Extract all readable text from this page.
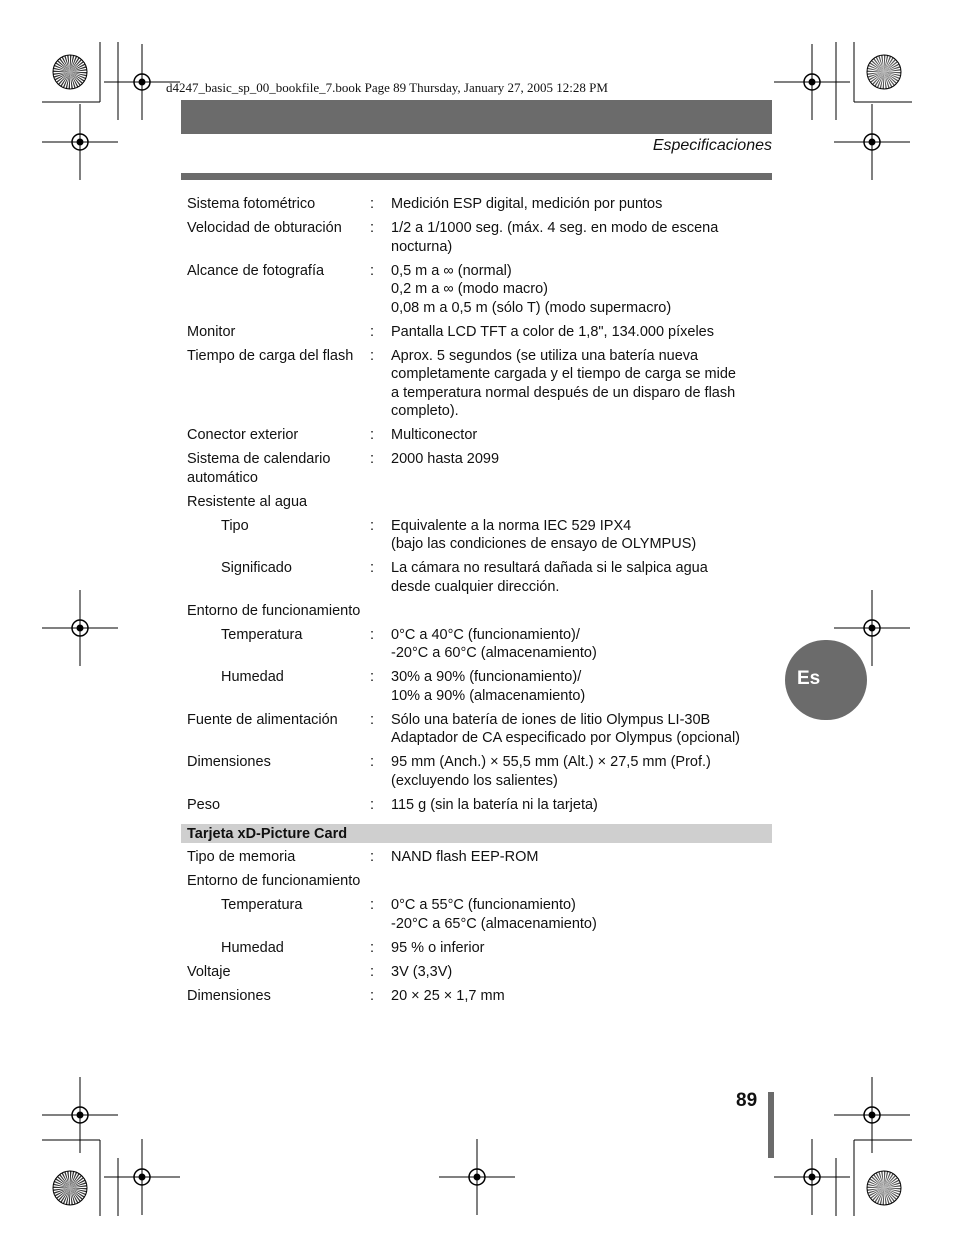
d4247_basic_sp_00_bookfile_7.book Page 89 Thursday, January 27, 2005 12:28 PM
Especificaciones
Sistema fotométrico	:	Medición ESP digital, medición por puntos
Velocidad de obturación	:	1/2 a 1/1000 seg. (máx. 4 seg. en modo de escena
nocturna)
Alcance de fotografía	:	0,5 m a ∞ (normal)
0,2 m a ∞ (modo macro)
0,08 m a 0,5 m (sólo T) (modo supermacro)
Monitor	:	Pantalla LCD TFT a color de 1,8", 134.000 píxeles
Tiempo de carga del flash	:	Aprox. 5 segundos (se utiliza una batería nueva
completamente cargada y el tiempo de carga se mide
a temperatura normal después de un disparo de flash
completo).
Conector exterior	:	Multiconector
Sistema de calendario automático
:	2000 hasta 2099
Resistente al agua
Tipo	:	Equivalente a la norma IEC 529 IPX4
(bajo las condiciones de ensayo de OLYMPUS)
Significado	:	La cámara no resultará dañada si le salpica agua
desde cualquier dirección.
Entorno de funcionamiento
Temperatura	:	0°C a 40°C (funcionamiento)/
-20°C a 60°C (almacenamiento)
Humedad	:	30% a 90% (funcionamiento)/
10% a 90% (almacenamiento)
Fuente de alimentación	:	Sólo una batería de iones de litio Olympus LI-30B
Adaptador de CA especificado por Olympus (opcional)
Dimensiones	:	95 mm (Anch.) × 55,5 mm (Alt.) × 27,5 mm (Prof.)
(excluyendo los salientes)
Peso	:	115 g (sin la batería ni la tarjeta)
Tarjeta xD-Picture Card
Tipo de memoria	:	NAND flash EEP-ROM
Entorno de funcionamiento
Temperatura	:	0°C a 55°C (funcionamiento)
-20°C a 65°C (almacenamiento)
Humedad	:	95 % o inferior
Voltaje	:	3V (3,3V)
Dimensiones	:	20 × 25 × 1,7 mm
Es
89
